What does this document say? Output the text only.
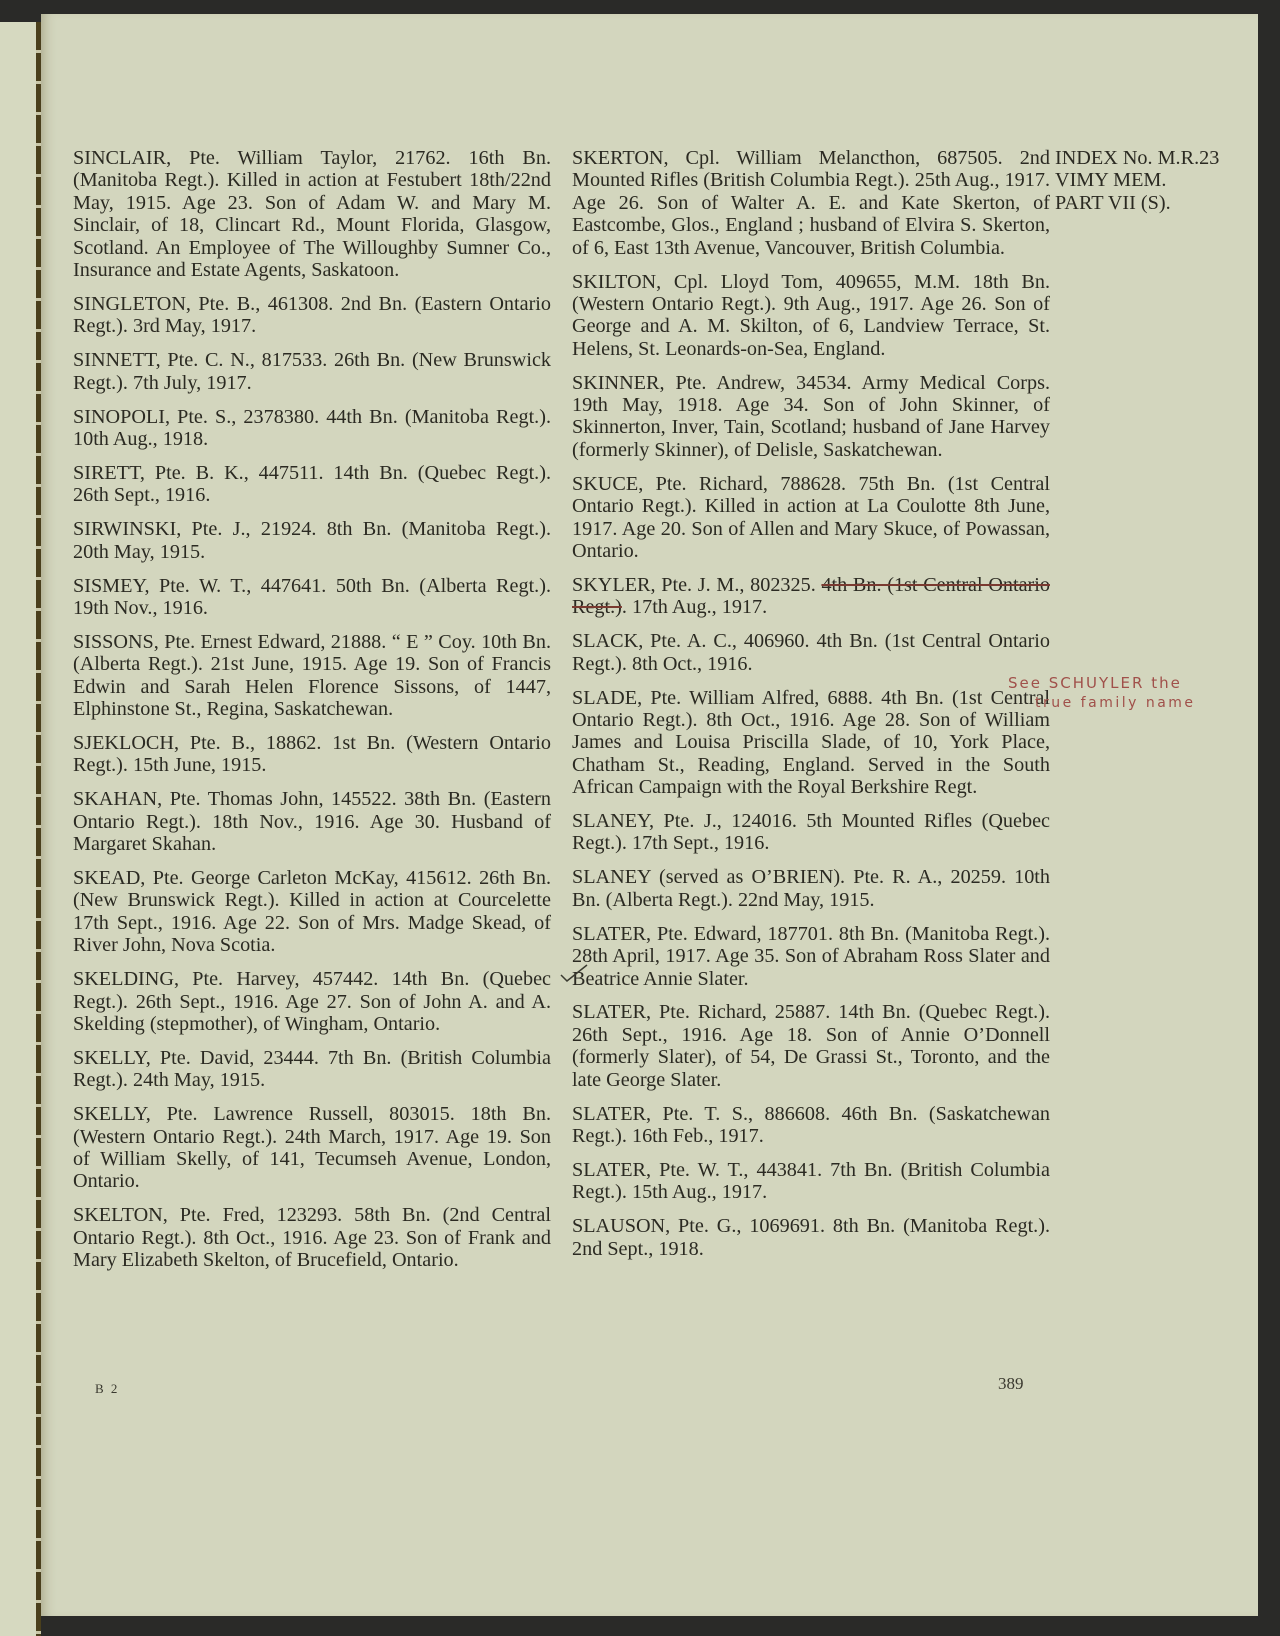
INDEX No. M.R.23
VIMY MEM.
PART VII (S).

SINCLAIR, Pte. William Taylor, 21762. 16th Bn. (Manitoba Regt.). Killed in action at Festubert 18th/22nd May, 1915. Age 23. Son of Adam W. and Mary M. Sinclair, of 18, Clincart Rd., Mount Florida, Glasgow, Scotland. An Employee of The Willoughby Sumner Co., Insurance and Estate Agents, Saskatoon.

SINGLETON, Pte. B., 461308. 2nd Bn. (Eastern Ontario Regt.). 3rd May, 1917.

SINNETT, Pte. C. N., 817533. 26th Bn. (New Brunswick Regt.). 7th July, 1917.

SINOPOLI, Pte. S., 2378380. 44th Bn. (Manitoba Regt.). 10th Aug., 1918.

SIRETT, Pte. B. K., 447511. 14th Bn. (Quebec Regt.). 26th Sept., 1916.

SIRWINSKI, Pte. J., 21924. 8th Bn. (Manitoba Regt.). 20th May, 1915.

SISMEY, Pte. W. T., 447641. 50th Bn. (Alberta Regt.). 19th Nov., 1916.

SISSONS, Pte. Ernest Edward, 21888. “ E ” Coy. 10th Bn. (Alberta Regt.). 21st June, 1915. Age 19. Son of Francis Edwin and Sarah Helen Florence Sissons, of 1447, Elphinstone St., Regina, Saskatchewan.

SJEKLOCH, Pte. B., 18862. 1st Bn. (Western Ontario Regt.). 15th June, 1915.

SKAHAN, Pte. Thomas John, 145522. 38th Bn. (Eastern Ontario Regt.). 18th Nov., 1916. Age 30. Husband of Margaret Skahan.

SKEAD, Pte. George Carleton McKay, 415612. 26th Bn. (New Brunswick Regt.). Killed in action at Courcelette 17th Sept., 1916. Age 22. Son of Mrs. Madge Skead, of River John, Nova Scotia.

SKELDING, Pte. Harvey, 457442. 14th Bn. (Quebec Regt.). 26th Sept., 1916. Age 27. Son of John A. and A. Skelding (stepmother), of Wingham, Ontario.

SKELLY, Pte. David, 23444. 7th Bn. (British Columbia Regt.). 24th May, 1915.

SKELLY, Pte. Lawrence Russell, 803015. 18th Bn. (Western Ontario Regt.). 24th March, 1917. Age 19. Son of William Skelly, of 141, Tecumseh Avenue, London, Ontario.

SKELTON, Pte. Fred, 123293. 58th Bn. (2nd Central Ontario Regt.). 8th Oct., 1916. Age 23. Son of Frank and Mary Elizabeth Skelton, of Brucefield, Ontario.

SKERTON, Cpl. William Melancthon, 687505. 2nd Mounted Rifles (British Columbia Regt.). 25th Aug., 1917. Age 26. Son of Walter A. E. and Kate Skerton, of Eastcombe, Glos., England ; husband of Elvira S. Skerton, of 6, East 13th Avenue, Vancouver, British Columbia.

SKILTON, Cpl. Lloyd Tom, 409655, M.M. 18th Bn. (Western Ontario Regt.). 9th Aug., 1917. Age 26. Son of George and A. M. Skilton, of 6, Landview Terrace, St. Helens, St. Leonards-on-Sea, England.

SKINNER, Pte. Andrew, 34534. Army Medical Corps. 19th May, 1918. Age 34. Son of John Skinner, of Skinnerton, Inver, Tain, Scotland; husband of Jane Harvey (formerly Skinner), of Delisle, Saskatchewan.

SKUCE, Pte. Richard, 788628. 75th Bn. (1st Central Ontario Regt.). Killed in action at La Coulotte 8th June, 1917. Age 20. Son of Allen and Mary Skuce, of Powassan, Ontario.

SKYLER, Pte. J. M., 802325. 4th Bn. (1st Central Ontario Regt.). 17th Aug., 1917.

SLACK, Pte. A. C., 406960. 4th Bn. (1st Central Ontario Regt.). 8th Oct., 1916.

SLADE, Pte. William Alfred, 6888. 4th Bn. (1st Central Ontario Regt.). 8th Oct., 1916. Age 28. Son of William James and Louisa Priscilla Slade, of 10, York Place, Chatham St., Reading, England. Served in the South African Campaign with the Royal Berkshire Regt.

SLANEY, Pte. J., 124016. 5th Mounted Rifles (Quebec Regt.). 17th Sept., 1916.

SLANEY (served as O’BRIEN). Pte. R. A., 20259. 10th Bn. (Alberta Regt.). 22nd May, 1915.

SLATER, Pte. Edward, 187701. 8th Bn. (Manitoba Regt.). 28th April, 1917. Age 35. Son of Abraham Ross Slater and Beatrice Annie Slater.

SLATER, Pte. Richard, 25887. 14th Bn. (Quebec Regt.). 26th Sept., 1916. Age 18. Son of Annie O’Donnell (formerly Slater), of 54, De Grassi St., Toronto, and the late George Slater.

SLATER, Pte. T. S., 886608. 46th Bn. (Saskatchewan Regt.). 16th Feb., 1917.

SLATER, Pte. W. T., 443841. 7th Bn. (British Columbia Regt.). 15th Aug., 1917.

SLAUSON, Pte. G., 1069691. 8th Bn. (Manitoba Regt.). 2nd Sept., 1918.

See SCHUYLER the
true family name
B 2	389
